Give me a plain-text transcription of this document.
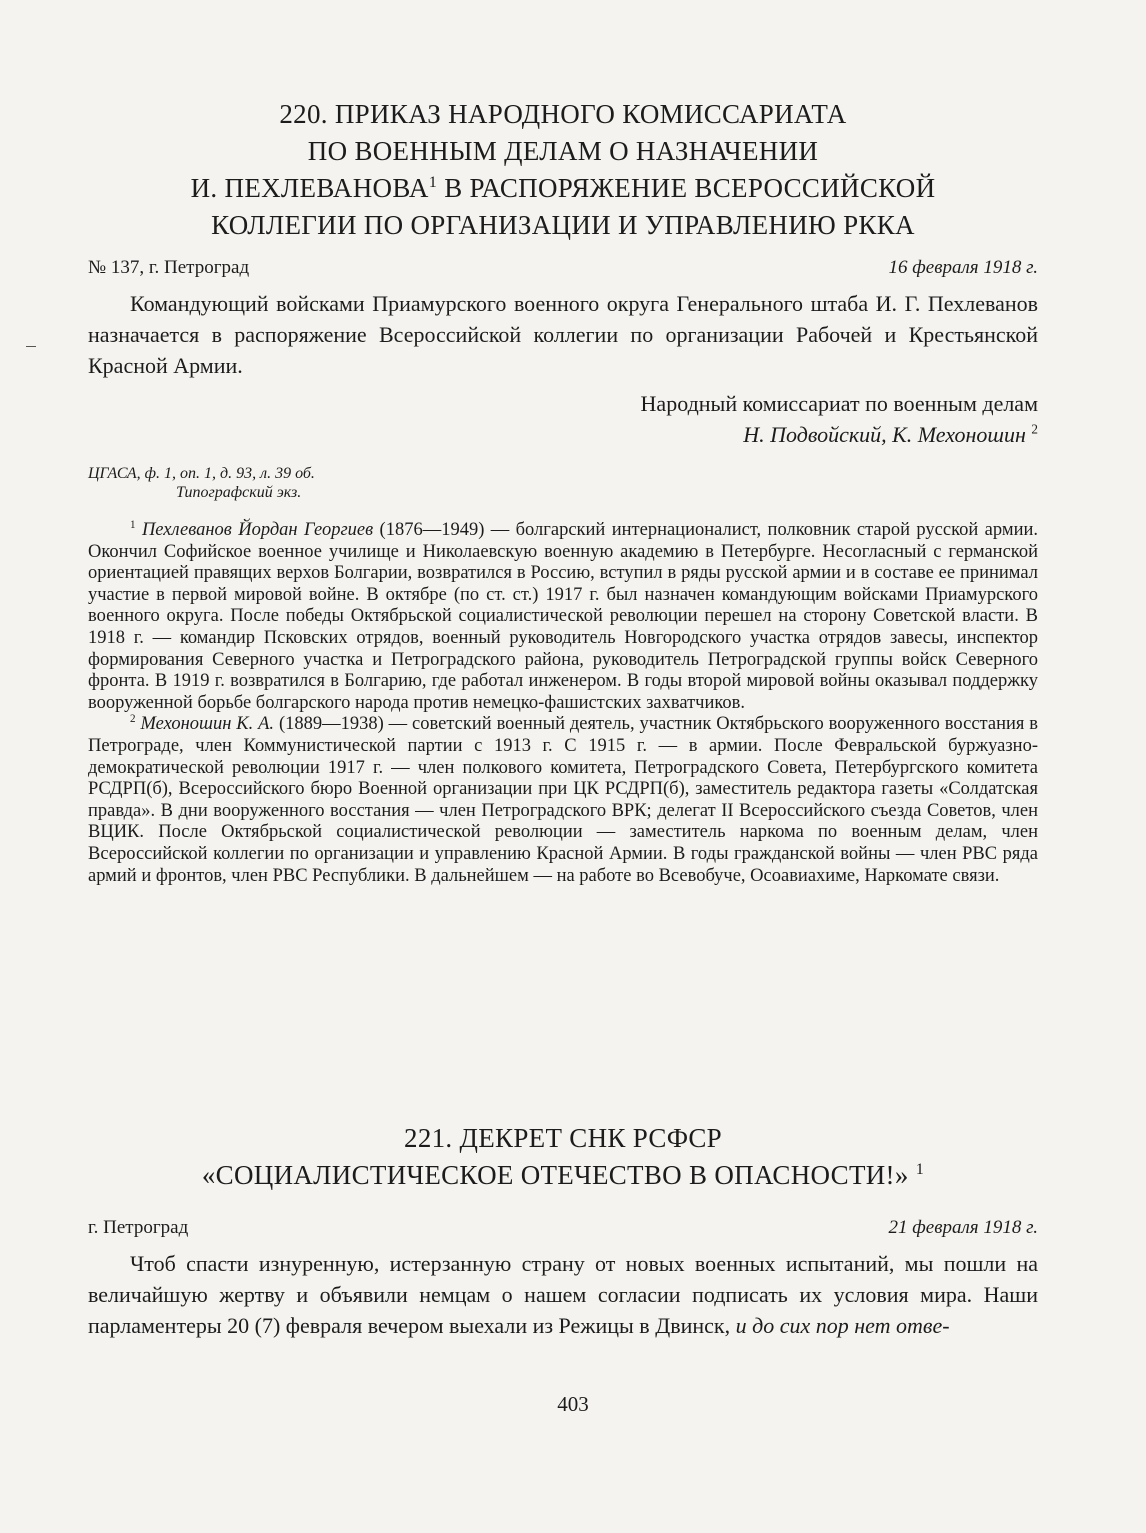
220. ПРИКАЗ НАРОДНОГО КОМИССАРИАТА
ПО ВОЕННЫМ ДЕЛАМ О НАЗНАЧЕНИИ
И. ПЕХЛЕВАНОВА$^1$ В РАСПОРЯЖЕНИЕ ВСЕРОССИЙСКОЙ
КОЛЛЕГИИ ПО ОРГАНИЗАЦИИ И УПРАВЛЕНИЮ РККА
№ 137, г. Петроград	16 февраля 1918 г.
Командующий войсками Приамурского военного округа Генерального штаба И. Г. Пехлеванов назначается в распоряжение Всероссийской коллегии по организации Рабочей и Крестьянской Красной Армии.
Народный комиссариат по военным делам
Н. Подвойский, К. Мехоношин $^2$
ЦГАСА, ф. 1, оп. 1, д. 93, л. 39 об.
Типографский экз.
$^1$ Пехлеванов Йордан Георгиев (1876—1949) — болгарский интернационалист, полковник старой русской армии. Окончил Софийское военное училище и Николаевскую военную академию в Петербурге. Несогласный с германской ориентацией правящих верхов Болгарии, возвратился в Россию, вступил в ряды русской армии и в составе ее принимал участие в первой мировой войне. В октябре (по ст. ст.) 1917 г. был назначен командующим войсками Приамурского военного округа. После победы Октябрьской социалистической революции перешел на сторону Советской власти. В 1918 г. — командир Псковских отрядов, военный руководитель Новгородского участка отрядов завесы, инспектор формирования Северного участка и Петроградского района, руководитель Петроградской группы войск Северного фронта. В 1919 г. возвратился в Болгарию, где работал инженером. В годы второй мировой войны оказывал поддержку вооруженной борьбе болгарского народа против немецко-фашистских захватчиков.
$^2$ Мехоношин К. А. (1889—1938) — советский военный деятель, участник Октябрьского вооруженного восстания в Петрограде, член Коммунистической партии с 1913 г. С 1915 г. — в армии. После Февральской буржуазно-демократической революции 1917 г. — член полкового комитета, Петроградского Совета, Петербургского комитета РСДРП(б), Всероссийского бюро Военной организации при ЦК РСДРП(б), заместитель редактора газеты «Солдатская правда». В дни вооруженного восстания — член Петроградского ВРК; делегат II Всероссийского съезда Советов, член ВЦИК. После Октябрьской социалистической революции — заместитель наркома по военным делам, член Всероссийской коллегии по организации и управлению Красной Армии. В годы гражданской войны — член РВС ряда армий и фронтов, член РВС Республики. В дальнейшем — на работе во Всевобуче, Осоавиахиме, Наркомате связи.
221. ДЕКРЕТ СНК РСФСР
«СОЦИАЛИСТИЧЕСКОЕ ОТЕЧЕСТВО В ОПАСНОСТИ!» $^1$
г. Петроград	21 февраля 1918 г.
Чтоб спасти изнуренную, истерзанную страну от новых военных испытаний, мы пошли на величайшую жертву и объявили немцам о нашем согласии подписать их условия мира. Наши парламентеры 20 (7) февраля вечером выехали из Режицы в Двинск, и до сих пор нет отве-
403
